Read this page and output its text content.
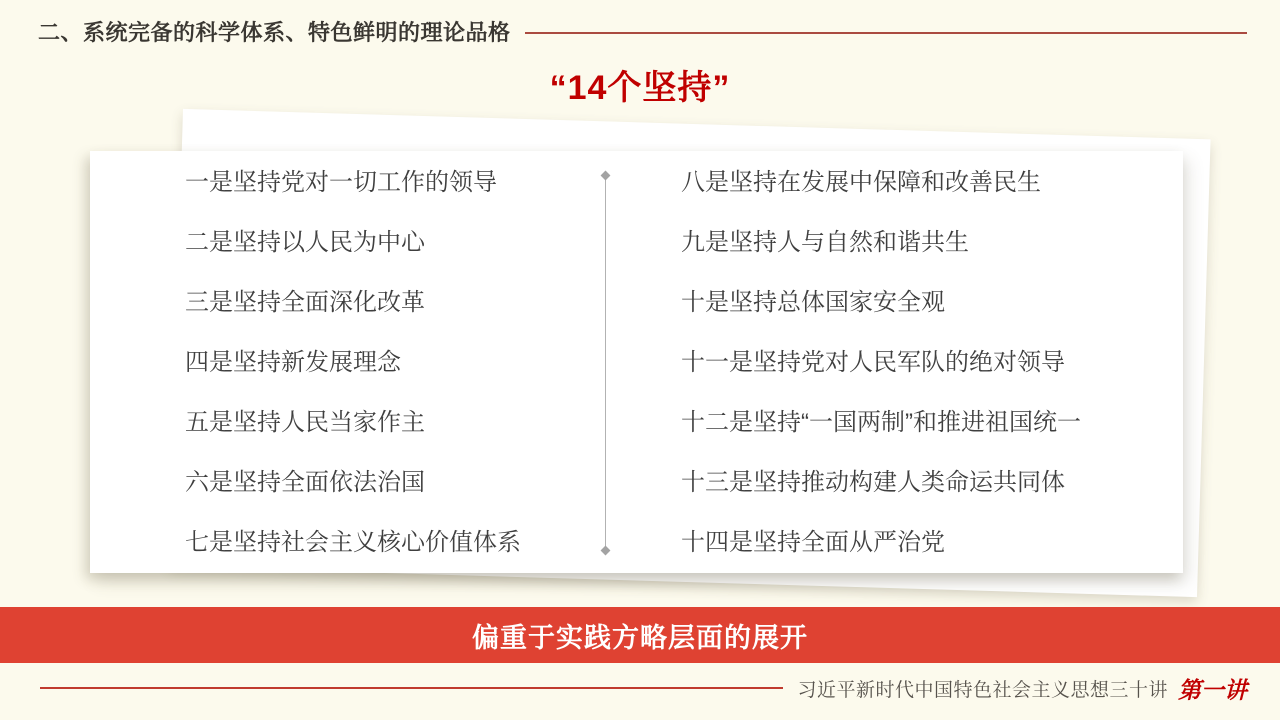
二、系统完备的科学体系、特色鲜明的理论品格
“14个坚持”
一是坚持党对一切工作的领导
二是坚持以人民为中心
三是坚持全面深化改革
四是坚持新发展理念
五是坚持人民当家作主
六是坚持全面依法治国
七是坚持社会主义核心价值体系
八是坚持在发展中保障和改善民生
九是坚持人与自然和谐共生
十是坚持总体国家安全观
十一是坚持党对人民军队的绝对领导
十二是坚持“一国两制”和推进祖国统一
十三是坚持推动构建人类命运共同体
十四是坚持全面从严治党
偏重于实践方略层面的展开
习近平新时代中国特色社会主义思想三十讲 第一讲
